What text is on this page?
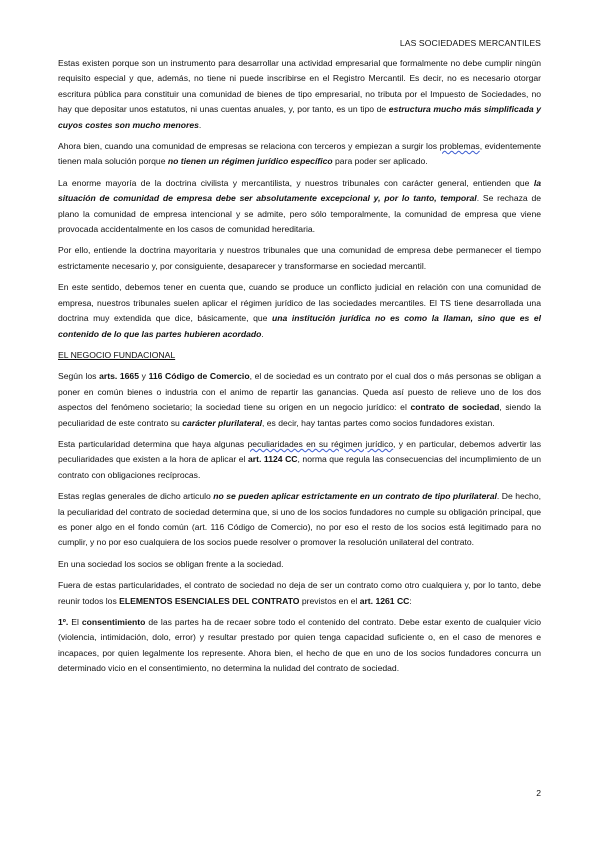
LAS SOCIEDADES MERCANTILES

Estas existen porque son un instrumento para desarrollar una actividad empresarial que formalmente no debe cumplir ningún requisito especial y que, además, no tiene ni puede inscribirse en el Registro Mercantil. Es decir, no es necesario otorgar escritura pública para constituir una comunidad de bienes de tipo empresarial, no tributa por el Impuesto de Sociedades, no hay que depositar unos estatutos, ni unas cuentas anuales, y, por tanto, es un tipo de estructura mucho más simplificada y cuyos costes son mucho menores.

Ahora bien, cuando una comunidad de empresas se relaciona con terceros y empiezan a surgir los problemas, evidentemente tienen mala solución porque no tienen un régimen jurídico específico para poder ser aplicado.

La enorme mayoría de la doctrina civilista y mercantilista, y nuestros tribunales con carácter general, entienden que la situación de comunidad de empresa debe ser absolutamente excepcional y, por lo tanto, temporal. Se rechaza de plano la comunidad de empresa intencional y se admite, pero sólo temporalmente, la comunidad de empresa que viene provocada accidentalmente en los casos de comunidad hereditaria.

Por ello, entiende la doctrina mayoritaria y nuestros tribunales que una comunidad de empresa debe permanecer el tiempo estrictamente necesario y, por consiguiente, desaparecer y transformarse en sociedad mercantil.

En este sentido, debemos tener en cuenta que, cuando se produce un conflicto judicial en relación con una comunidad de empresa, nuestros tribunales suelen aplicar el régimen jurídico de las sociedades mercantiles. El TS tiene desarrollada una doctrina muy extendida que dice, básicamente, que una institución jurídica no es como la llaman, sino que es el contenido de lo que las partes hubieren acordado.

EL NEGOCIO FUNDACIONAL

Según los arts. 1665 y 116 Código de Comercio, el de sociedad es un contrato por el cual dos o más personas se obligan a poner en común bienes o industria con el animo de repartir las ganancias. Queda así puesto de relieve uno de los dos aspectos del fenómeno societario; la sociedad tiene su origen en un negocio jurídico: el contrato de sociedad, siendo la peculiaridad de este contrato su carácter plurilateral, es decir, hay tantas partes como socios fundadores existan.

Esta particularidad determina que haya algunas peculiaridades en su régimen jurídico, y en particular, debemos advertir las peculiaridades que existen a la hora de aplicar el art. 1124 CC, norma que regula las consecuencias del incumplimiento de un contrato con obligaciones recíprocas.

Estas reglas generales de dicho articulo no se pueden aplicar estrictamente en un contrato de tipo plurilateral. De hecho, la peculiaridad del contrato de sociedad determina que, si uno de los socios fundadores no cumple su obligación principal, que es poner algo en el fondo común (art. 116 Código de Comercio), no por eso el resto de los socios está legitimado para no cumplir, y no por eso cualquiera de los socios puede resolver o promover la resolución unilateral del contrato.

En una sociedad los socios se obligan frente a la sociedad.

Fuera de estas particularidades, el contrato de sociedad no deja de ser un contrato como otro cualquiera y, por lo tanto, debe reunir todos los ELEMENTOS ESENCIALES DEL CONTRATO previstos en el art. 1261 CC:

1º. El consentimiento de las partes ha de recaer sobre todo el contenido del contrato. Debe estar exento de cualquier vicio (violencia, intimidación, dolo, error) y resultar prestado por quien tenga capacidad suficiente o, en el caso de menores e incapaces, por quien legalmente los represente. Ahora bien, el hecho de que en uno de los socios fundadores concurra un determinado vicio en el consentimiento, no determina la nulidad del contrato de sociedad.

2
